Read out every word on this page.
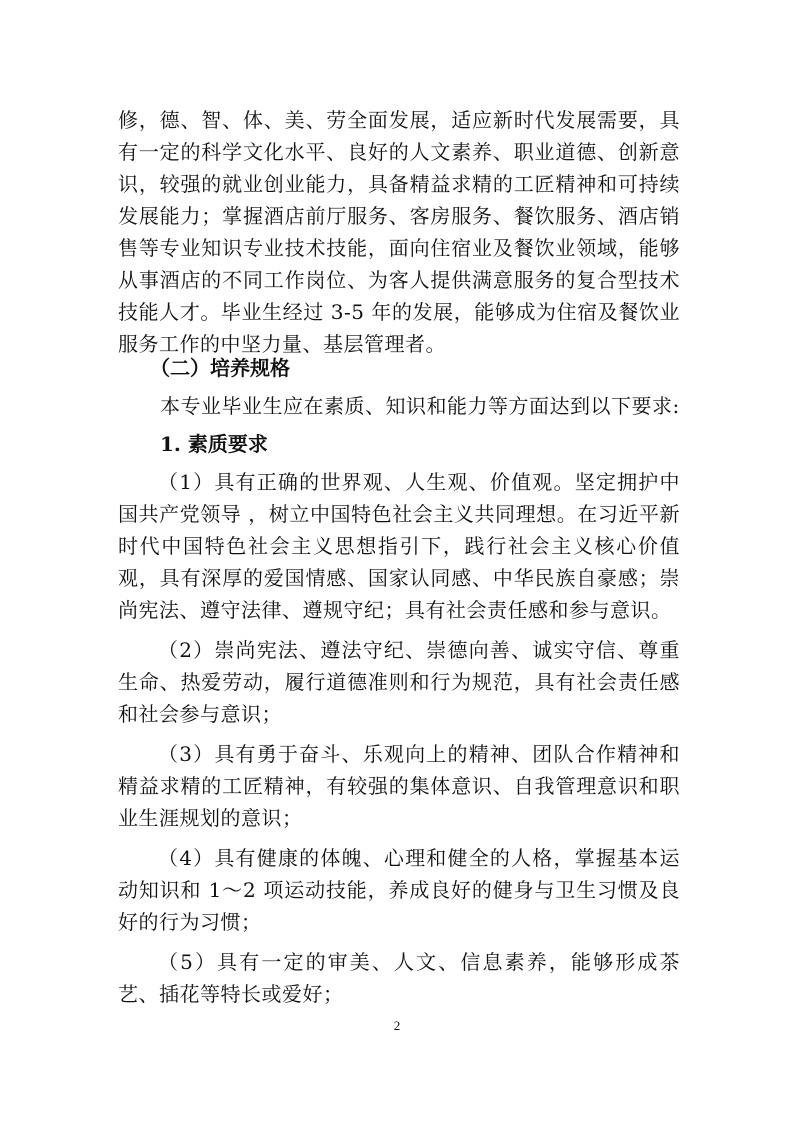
修，德、智、体、美、劳全面发展，适应新时代发展需要，具有一定的科学文化水平、良好的人文素养、职业道德、创新意识，较强的就业创业能力，具备精益求精的工匠精神和可持续发展能力；掌握酒店前厅服务、客房服务、餐饮服务、酒店销售等专业知识专业技术技能，面向住宿业及餐饮业领域，能够从事酒店的不同工作岗位、为客人提供满意服务的复合型技术技能人才。毕业生经过 3-5 年的发展，能够成为住宿及餐饮业服务工作的中坚力量、基层管理者。

（二）培养规格

本专业毕业生应在素质、知识和能力等方面达到以下要求:

1. 素质要求

（1）具有正确的世界观、人生观、价值观。坚定拥护中国共产党领导 ，树立中国特色社会主义共同理想。在习近平新时代中国特色社会主义思想指引下，践行社会主义核心价值观，具有深厚的爱国情感、国家认同感、中华民族自豪感；崇尚宪法、遵守法律、遵规守纪；具有社会责任感和参与意识。

（2）崇尚宪法、遵法守纪、崇德向善、诚实守信、尊重生命、热爱劳动，履行道德准则和行为规范，具有社会责任感和社会参与意识；

（3）具有勇于奋斗、乐观向上的精神、团队合作精神和精益求精的工匠精神，有较强的集体意识、自我管理意识和职业生涯规划的意识；

（4）具有健康的体魄、心理和健全的人格，掌握基本运动知识和 1～2 项运动技能，养成良好的健身与卫生习惯及良好的行为习惯；

（5）具有一定的审美、人文、信息素养，能够形成茶艺、插花等特长或爱好；

2
